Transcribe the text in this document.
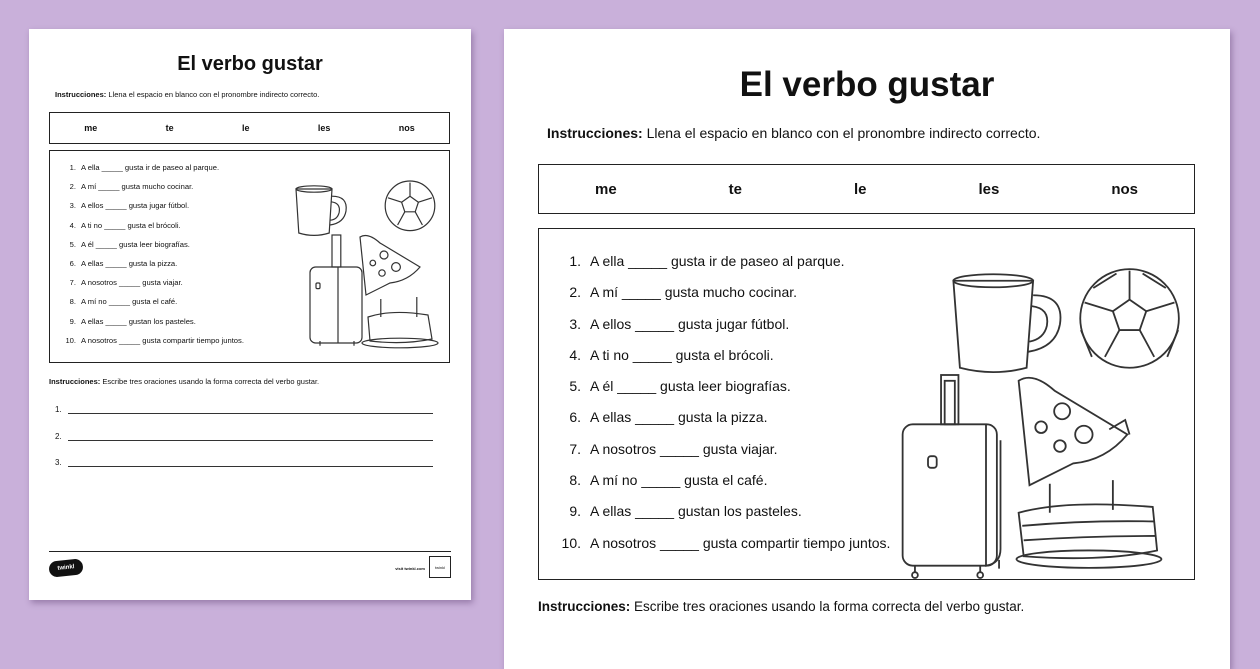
El verbo gustar
Instrucciones: Llena el espacio en blanco con el pronombre indirecto correcto.
me	te	le	les	nos
1. A ella _____ gusta ir de paseo al parque.
2. A mí _____ gusta mucho cocinar.
3. A ellos _____ gusta jugar fútbol.
4. A ti no _____ gusta el brócoli.
5. A él _____ gusta leer biografías.
6. A ellas _____ gusta la pizza.
7. A nosotros _____ gusta viajar.
8. A mí no _____ gusta el café.
9. A ellas _____ gustan los pasteles.
10. A nosotros _____ gusta compartir tiempo juntos.
Instrucciones: Escribe tres oraciones usando la forma correcta del verbo gustar.
1.
2.
3.
twinkl	visit twinkl.com	twinkl
El verbo gustar
Instrucciones: Llena el espacio en blanco con el pronombre indirecto correcto.
me	te	le	les	nos
1. A ella _____ gusta ir de paseo al parque.
2. A mí _____ gusta mucho cocinar.
3. A ellos _____ gusta jugar fútbol.
4. A ti no _____ gusta el brócoli.
5. A él _____ gusta leer biografías.
6. A ellas _____ gusta la pizza.
7. A nosotros _____ gusta viajar.
8. A mí no _____ gusta el café.
9. A ellas _____ gustan los pasteles.
10. A nosotros _____ gusta compartir tiempo juntos.
Instrucciones: Escribe tres oraciones usando la forma correcta del verbo gustar.
